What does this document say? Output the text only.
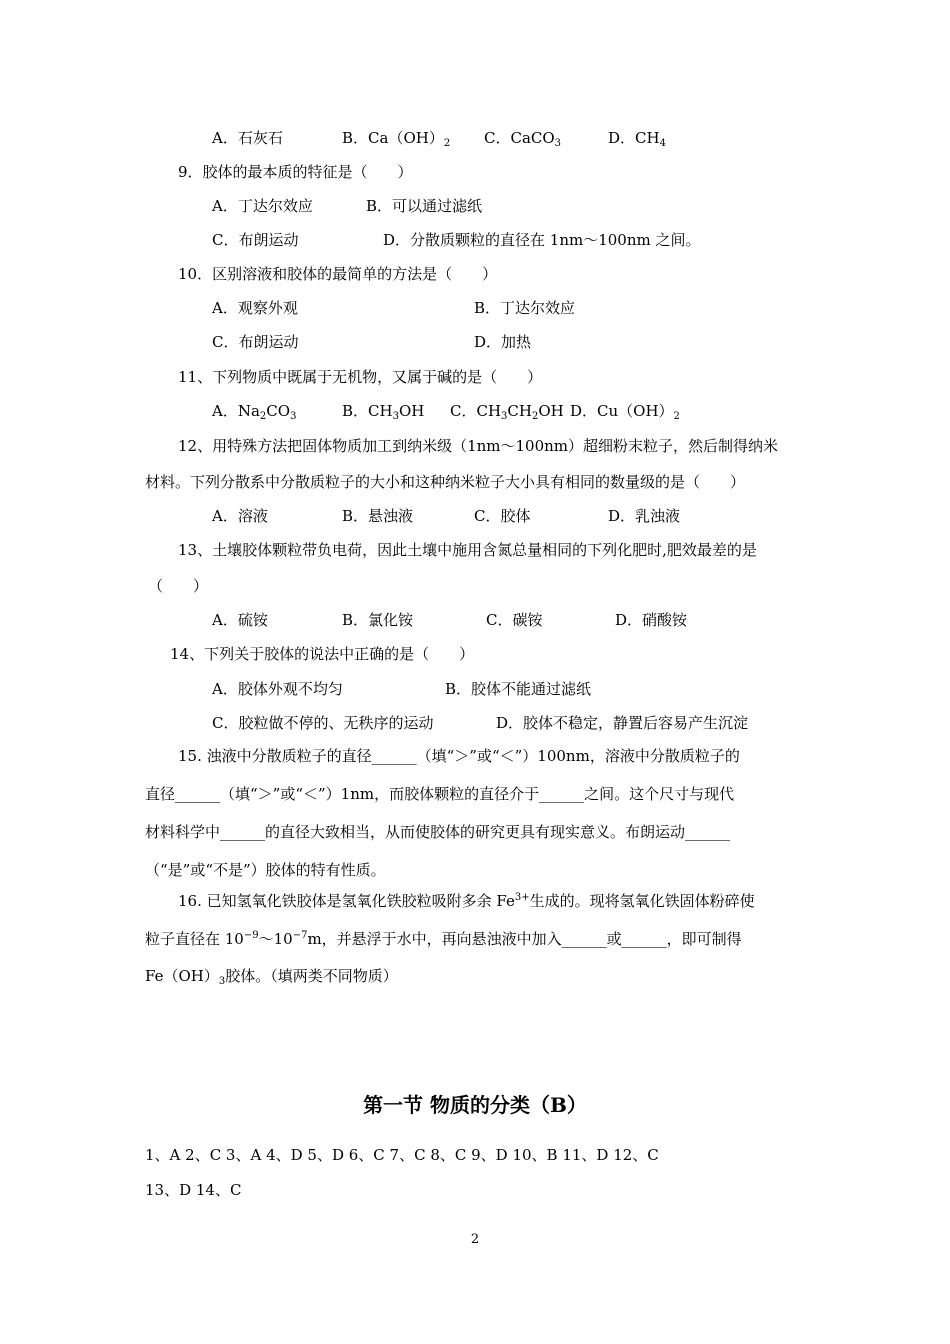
A．石灰石	B．$Ca(OH)_2$ C．CaCO$_3$	D．$CH_4$
9．胶体的最本质的特征是（　　）
A．丁达尔效应	B．可以通过滤纸
C．布朗运动	D．分散质颗粒的直径在 1nm～100nm 之间。
10．区别溶液和胶体的最简单的方法是（　　）
A．观察外观	B．丁达尔效应
C．布朗运动	D．加热
11、下列物质中既属于无机物，又属于碱的是（　　）
A．$Na_2CO_3$	B．$CH_3OH$ C．$CH_3CH_2OH$ D．$Cu(OH)_2$
12、用特殊方法把固体物质加工到纳米级（1nm～100nm）超细粉末粒子，然后制得纳米
材料。下列分散系中分散质粒子的大小和这种纳米粒子大小具有相同的数量级的是（　　）
A．溶液	B．悬浊液	C．胶体	D．乳浊液
13、土壤胶体颗粒带负电荷，因此土壤中施用含氮总量相同的下列化肥时,肥效最差的是
（　　）
A．硫铵	B．氯化铵	C．碳铵	D．硝酸铵
14、下列关于胶体的说法中正确的是（　　）
A．胶体外观不均匀	B．胶体不能通过滤纸
C．胶粒做不停的、无秩序的运动	D．胶体不稳定，静置后容易产生沉淀
15. 浊液中分散质粒子的直径______（填“＞”或“＜”）100nm，溶液中分散质粒子的
直径______（填“＞”或“＜”）1nm，而胶体颗粒的直径介于______之间。这个尺寸与现代
材料科学中______的直径大致相当，从而使胶体的研究更具有现实意义。布朗运动______
（“是”或“不是”）胶体的特有性质。
16. 已知氢氧化铁胶体是氢氧化铁胶粒吸附多余 $Fe^{3+}$生成的。现将氢氧化铁固体粉碎使
粒子直径在 $10^{-9}\sim 10^{-7}m$，并悬浮于水中，再向悬浊液中加入______或______，即可制得
$Fe(OH)_3$胶体。（填两类不同物质）
第一节 物质的分类（B）
1、A 2、C 3、A 4、D 5、D 6、C 7、C 8、C 9、D 10、B 11、D 12、C
13、D 14、C
2
